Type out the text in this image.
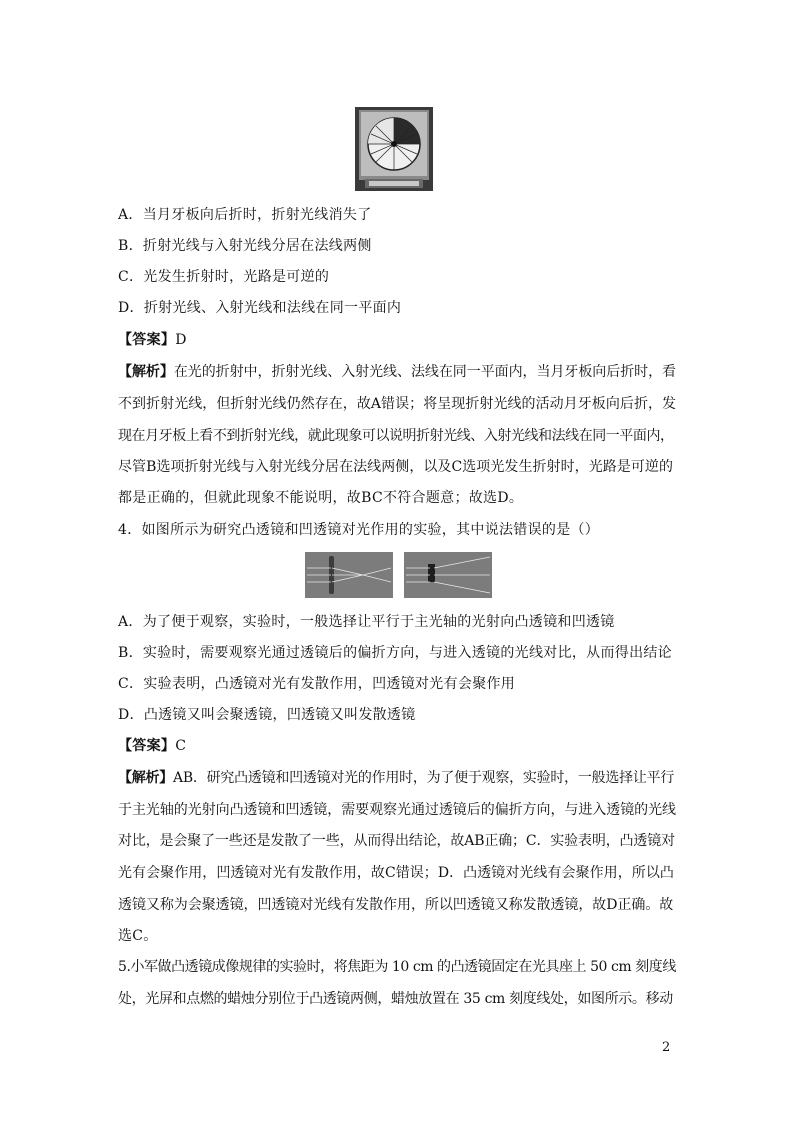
A．当月牙板向后折时，折射光线消失了
B．折射光线与入射光线分居在法线两侧
C．光发生折射时，光路是可逆的
D．折射光线、入射光线和法线在同一平面内
【答案】D
【解析】在光的折射中，折射光线、入射光线、法线在同一平面内，当月牙板向后折时，看
不到折射光线，但折射光线仍然存在，故A错误；将呈现折射光线的活动月牙板向后折，发
现在月牙板上看不到折射光线，就此现象可以说明折射光线、入射光线和法线在同一平面内，
尽管B选项折射光线与入射光线分居在法线两侧，以及C选项光发生折射时，光路是可逆的
都是正确的，但就此现象不能说明，故BC不符合题意；故选D。
4．如图所示为研究凸透镜和凹透镜对光作用的实验，其中说法错误的是（）
A．为了便于观察，实验时，一般选择让平行于主光轴的光射向凸透镜和凹透镜
B．实验时，需要观察光通过透镜后的偏折方向，与进入透镜的光线对比，从而得出结论
C．实验表明，凸透镜对光有发散作用，凹透镜对光有会聚作用
D．凸透镜又叫会聚透镜，凹透镜又叫发散透镜
【答案】C
【解析】AB．研究凸透镜和凹透镜对光的作用时，为了便于观察，实验时，一般选择让平行
于主光轴的光射向凸透镜和凹透镜，需要观察光通过透镜后的偏折方向，与进入透镜的光线
对比，是会聚了一些还是发散了一些，从而得出结论，故AB正确；C．实验表明，凸透镜对
光有会聚作用，凹透镜对光有发散作用，故C错误；D．凸透镜对光线有会聚作用，所以凸
透镜又称为会聚透镜，凹透镜对光线有发散作用，所以凹透镜又称发散透镜，故D正确。故
选C。
5.小军做凸透镜成像规律的实验时，将焦距为 10 cm 的凸透镜固定在光具座上 50 cm 刻度线
处，光屏和点燃的蜡烛分别位于凸透镜两侧，蜡烛放置在 35 cm 刻度线处，如图所示。移动
2
